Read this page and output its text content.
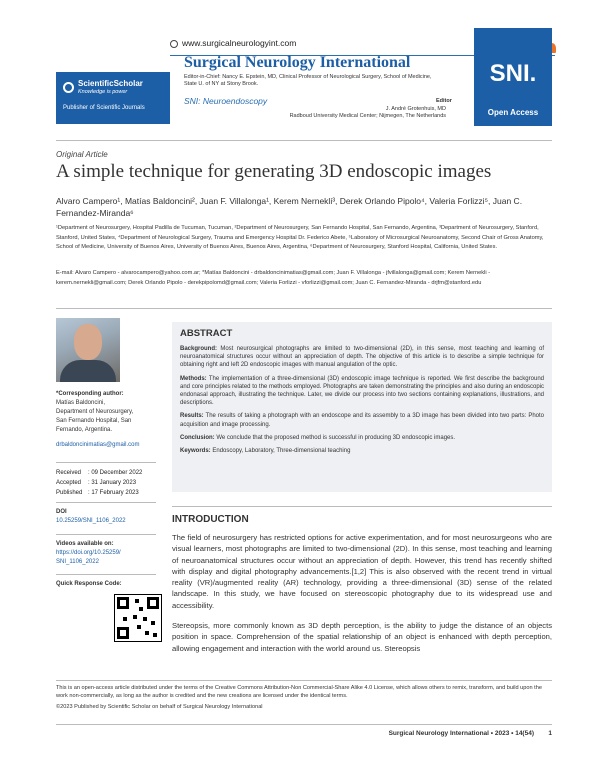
www.surgicalneurologyint.com
ScientificScholar
Knowledge is power
Publisher of Scientific Journals
Surgical Neurology International
Editor-in-Chief: Nancy E. Epstein, MD, Clinical Professor of Neurological Surgery, School of Medicine, State U. of NY at Stony Brook.
SNI: Neuroendoscopy	Editor
J. André Grotenhuis, MD
Radboud University Medical Center; Nijmegen, The Netherlands
SNI.
Open Access
Original Article
A simple technique for generating 3D endoscopic images
Alvaro Campero¹, Matías Baldoncini², Juan F. Villalonga¹, Kerem Nernekli³, Derek Orlando Pipolo⁴, Valeria Forlizzi⁵, Juan C. Fernandez-Miranda⁶
¹Department of Neurosurgery, Hospital Padilla de Tucuman, Tucuman, ²Department of Neurosurgery, San Fernando Hospital, San Fernando, Argentina, ³Department of Neurosurgery, Stanford, Stanford, United States, ⁴Department of Neurological Surgery, Trauma and Emergency Hospital Dr. Federico Abete, ⁵Laboratory of Microsurgical Neuroanatomy, Second Chair of Gross Anatomy, School of Medicine, University of Buenos Aires, University of Buenos Aires, Buenos Aires, Argentina, ⁶Department of Neurosurgery, Stanford Hospital, California, United States.
E-mail: Alvaro Campero - alvarocampero@yahoo.com.ar; *Matías Baldoncini - drbaldoncinimatias@gmail.com; Juan F. Villalonga - jfvillalonga@gmail.com; Kerem Nernekli - kerem.nernekli@gmail.com; Derek Orlando Pipolo - derekpipolomd@gmail.com; Valeria Forlizzi - vforlizzi@gmail.com; Juan C. Fernandez-Miranda - drjfm@stanford.edu
*Corresponding author:
Matías Baldoncini,
Department of Neurosurgery,
San Fernando Hospital, San
Fernando, Argentina.
drbaldoncinimatias@gmail.com
Received	: 09 December 2022
Accepted	: 31 January 2023
Published : 17 February 2023
DOI
10.25259/SNI_1106_2022
Videos available on:
https://doi.org/10.25259/
SNI_1106_2022
Quick Response Code:
ABSTRACT

Background: Most neurosurgical photographs are limited to two-dimensional (2D), in this sense, most teaching and learning of neuroanatomical structures occur without an appreciation of depth. The objective of this article is to describe a simple technique for obtaining right and left 2D endoscopic images with manual angulation of the optic.

Methods: The implementation of a three-dimensional (3D) endoscopic image technique is reported. We first describe the background and core principles related to the methods employed. Photographs are taken demonstrating the principles and also during an endoscopic endonasal approach, illustrating the technique. Later, we divide our process into two sections containing explanations, illustrations, and descriptions.

Results: The results of taking a photograph with an endoscope and its assembly to a 3D image has been divided into two parts: Photo acquisition and image processing.

Conclusion: We conclude that the proposed method is successful in producing 3D endoscopic images.

Keywords: Endoscopy, Laboratory, Three-dimensional teaching

INTRODUCTION
The field of neurosurgery has restricted options for active experimentation, and for most neurosurgeons who are visual learners, most photographs are limited to two-dimensional (2D). In this sense, most teaching and learning of neuroanatomical structures occur without an appreciation of depth. However, this trend has recently shifted with display and digital photography advancements.[1,2] This is also observed with the recent trend in virtual reality (VR)/augmented reality (AR) technology, providing a three-dimensional (3D) sense of the related landscape. In this study, we have focused on stereoscopic photography due to its widespread use and accessibility.
Stereopsis, more commonly known as 3D depth perception, is the ability to judge the distance of an objects position in space. Comprehension of the spatial relationship of an object is enhanced with depth perception, allowing engagement and interaction with the world around us. Stereopsis
This is an open-access article distributed under the terms of the Creative Commons Attribution-Non Commercial-Share Alike 4.0 License, which allows others to remix, transform, and build upon the work non-commercially, as long as the author is credited and the new creations are licensed under the identical terms.
©2023 Published by Scientific Scholar on behalf of Surgical Neurology International
Surgical Neurology International • 2023 • 14(54) 1
